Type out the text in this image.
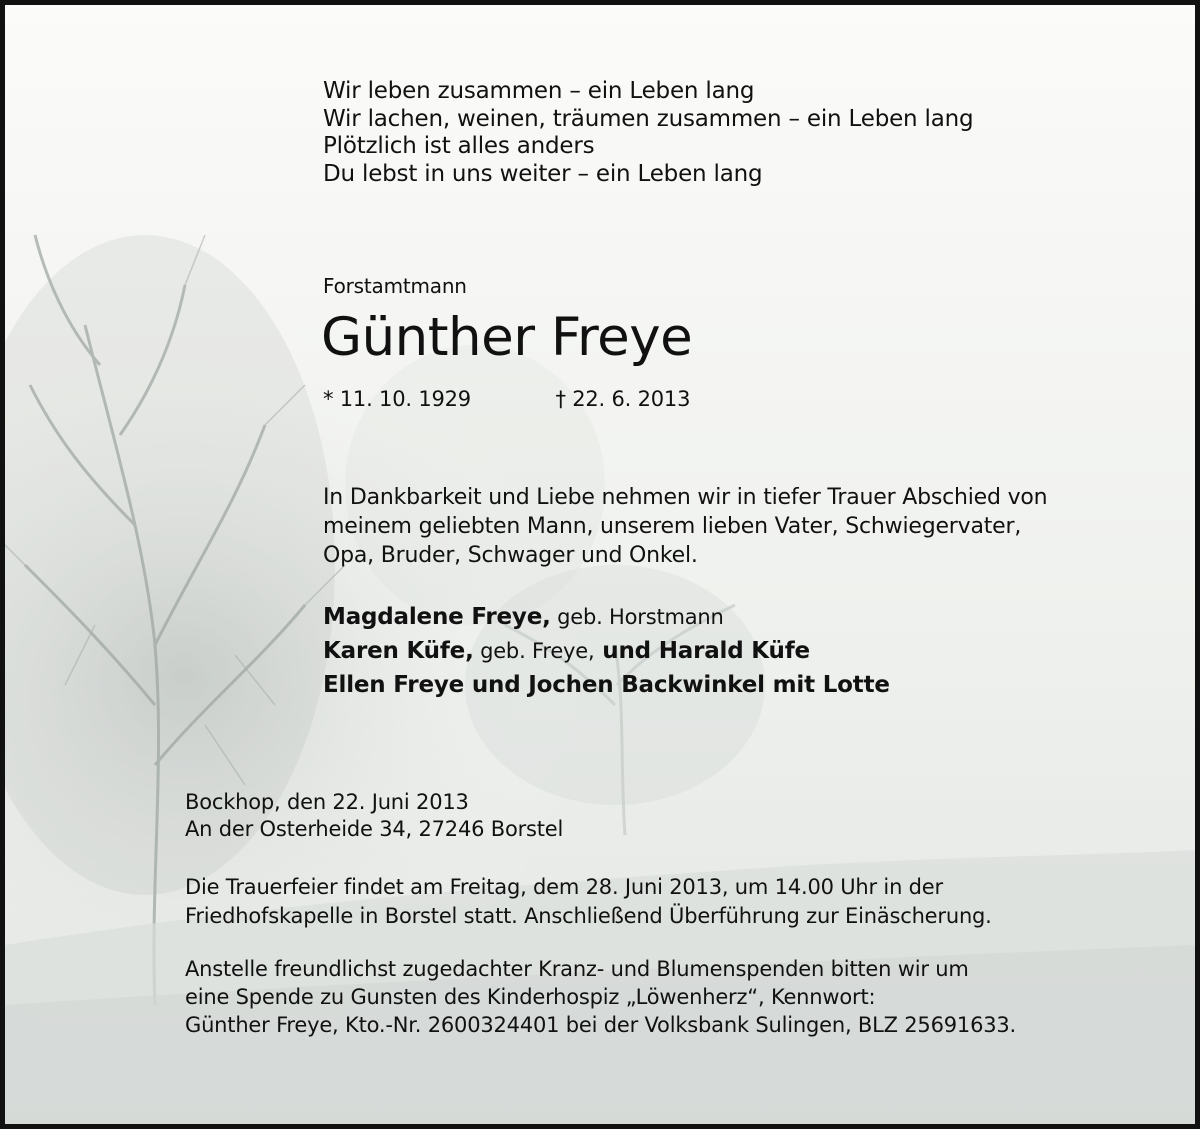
Wir leben zusammen – ein Leben lang
Wir lachen, weinen, träumen zusammen – ein Leben lang
Plötzlich ist alles anders
Du lebst in uns weiter – ein Leben lang
Forstamtmann
Günther Freye
* 11. 10. 1929	† 22. 6. 2013
In Dankbarkeit und Liebe nehmen wir in tiefer Trauer Abschied von
meinem geliebten Mann, unserem lieben Vater, Schwiegervater,
Opa, Bruder, Schwager und Onkel.
Magdalene Freye, geb. Horstmann
Karen Küfe, geb. Freye, und Harald Küfe
Ellen Freye und Jochen Backwinkel mit Lotte
Bockhop, den 22. Juni 2013
An der Osterheide 34, 27246 Borstel
Die Trauerfeier findet am Freitag, dem 28. Juni 2013, um 14.00 Uhr in der
Friedhofskapelle in Borstel statt. Anschließend Überführung zur Einäscherung.
Anstelle freundlichst zugedachter Kranz- und Blumenspenden bitten wir um
eine Spende zu Gunsten des Kinderhospiz „Löwenherz“, Kennwort:
Günther Freye, Kto.-Nr. 2600324401 bei der Volksbank Sulingen, BLZ 25691633.
